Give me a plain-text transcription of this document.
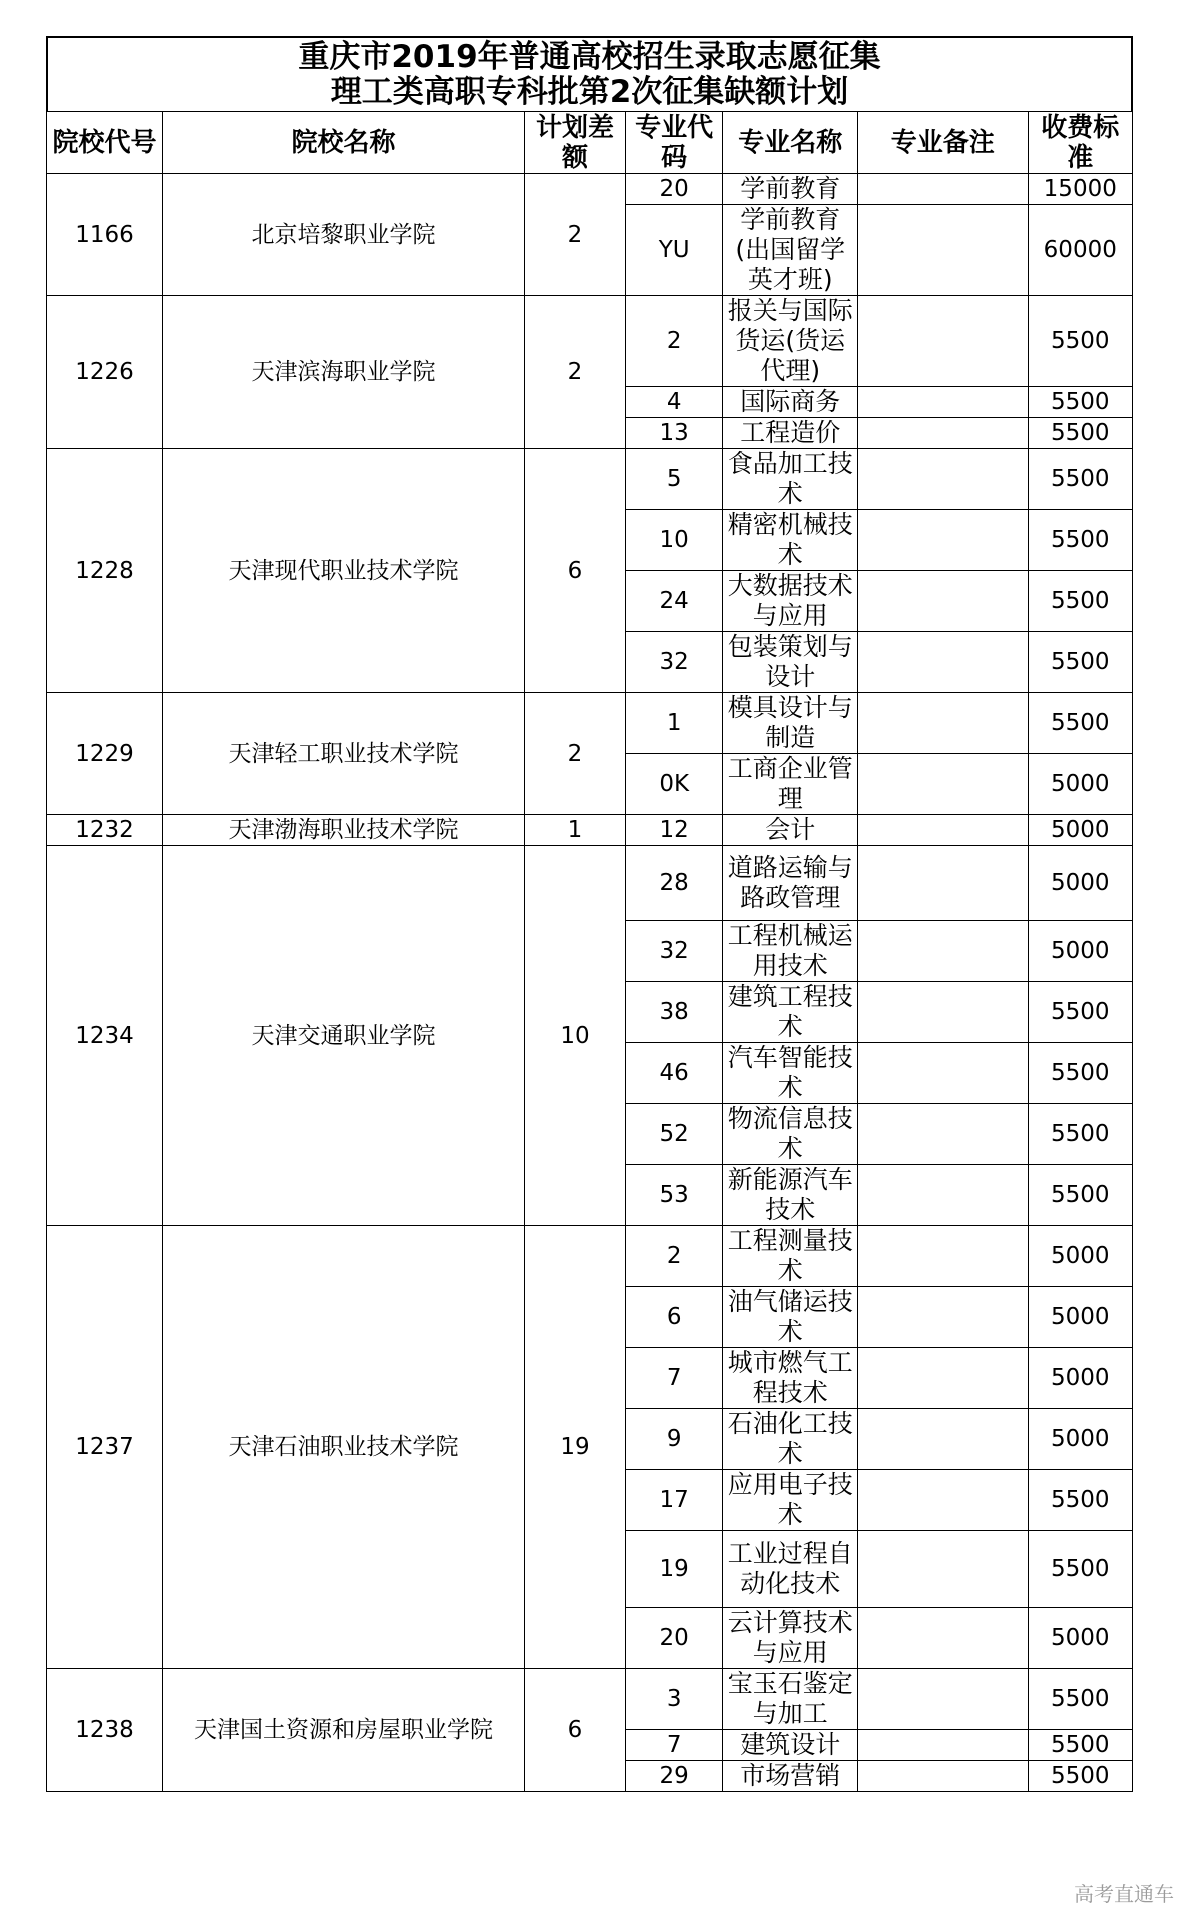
重庆市2019年普通高校招生录取志愿征集
理工类高职专科批第2次征集缺额计划
院校代号	院校名称	计划差额	专业代码	专业名称	专业备注	收费标准
1166	北京培黎职业学院	2	20	学前教育		15000
			YU	学前教育(出国留学英才班)		60000
1226	天津滨海职业学院	2	2	报关与国际货运(货运代理)		5500
			4	国际商务		5500
			13	工程造价		5500
1228	天津现代职业技术学院	6	5	食品加工技术		5500
			10	精密机械技术		5500
			24	大数据技术与应用		5500
			32	包装策划与设计		5500
1229	天津轻工职业技术学院	2	1	模具设计与制造		5500
			0K	工商企业管理		5000
1232	天津渤海职业技术学院	1	12	会计		5000
1234	天津交通职业学院	10	28	道路运输与路政管理		5000
			32	工程机械运用技术		5000
			38	建筑工程技术		5500
			46	汽车智能技术		5500
			52	物流信息技术		5500
			53	新能源汽车技术		5500
1237	天津石油职业技术学院	19	2	工程测量技术		5000
			6	油气储运技术		5000
			7	城市燃气工程技术		5000
			9	石油化工技术		5000
			17	应用电子技术		5500
			19	工业过程自动化技术		5500
			20	云计算技术与应用		5000
1238	天津国土资源和房屋职业学院	6	3	宝玉石鉴定与加工		5500
			7	建筑设计		5500
			29	市场营销		5500
高考直通车
